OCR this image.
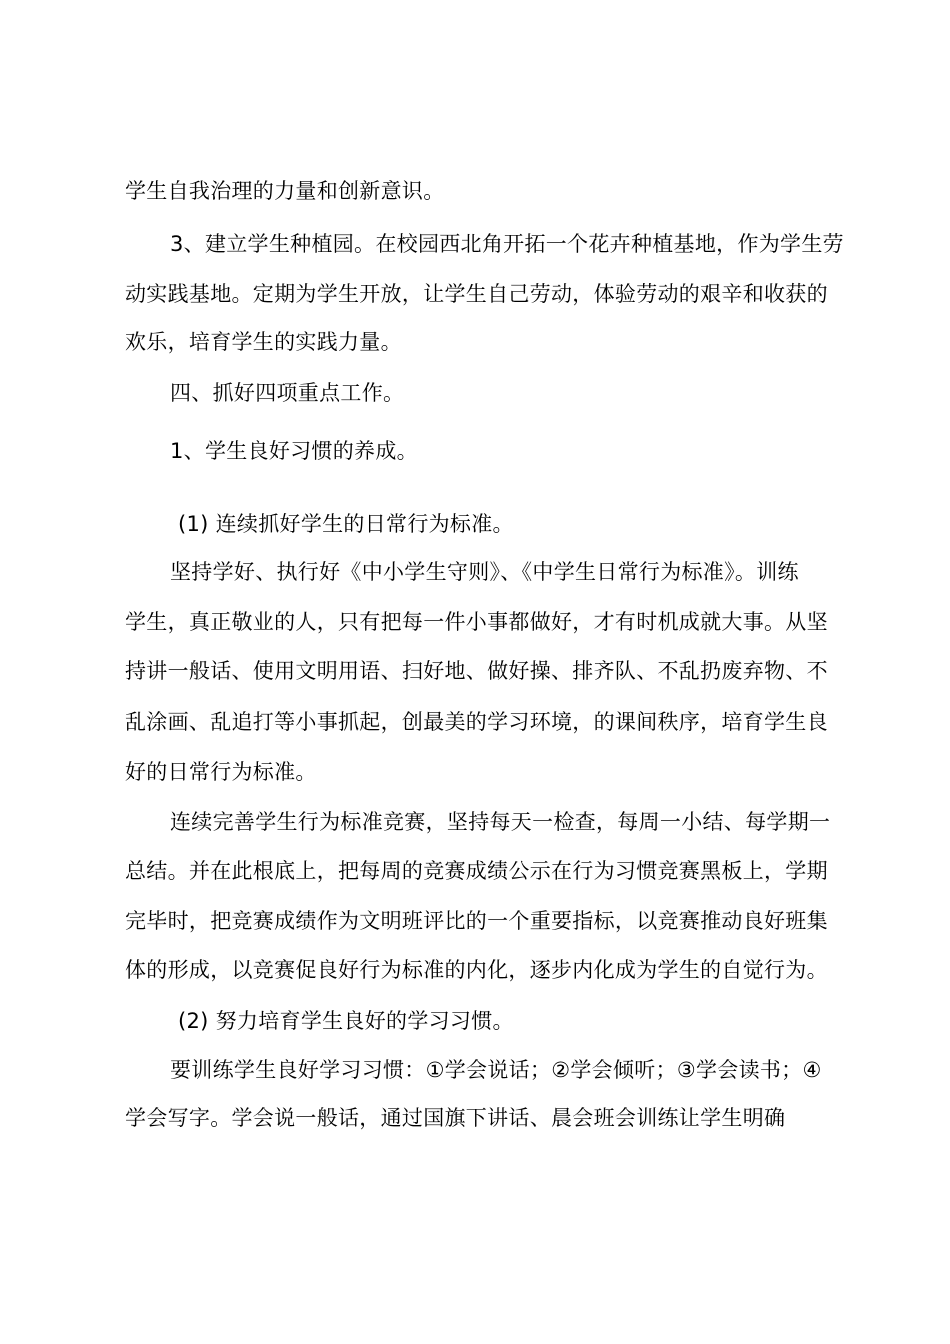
学生自我治理的力量和创新意识。
3、建立学生种植园。在校园西北角开拓一个花卉种植基地，作为学生劳
动实践基地。定期为学生开放，让学生自己劳动，体验劳动的艰辛和收获的
欢乐，培育学生的实践力量。
四、抓好四项重点工作。
1、学生良好习惯的养成。
(1) 连续抓好学生的日常行为标准。
坚持学好、执行好《中小学生守则》、《中学生日常行为标准》。训练
学生，真正敬业的人，只有把每一件小事都做好，才有时机成就大事。从坚
持讲一般话、使用文明用语、扫好地、做好操、排齐队、不乱扔废弃物、不
乱涂画、乱追打等小事抓起，创最美的学习环境，的课间秩序，培育学生良
好的日常行为标准。
连续完善学生行为标准竞赛，坚持每天一检查，每周一小结、每学期一
总结。并在此根底上，把每周的竞赛成绩公示在行为习惯竞赛黑板上，学期
完毕时，把竞赛成绩作为文明班评比的一个重要指标，以竞赛推动良好班集
体的形成，以竞赛促良好行为标准的内化，逐步内化成为学生的自觉行为。
(2) 努力培育学生良好的学习习惯。
要训练学生良好学习习惯：①学会说话；②学会倾听；③学会读书；④
学会写字。学会说一般话，通过国旗下讲话、晨会班会训练让学生明确
